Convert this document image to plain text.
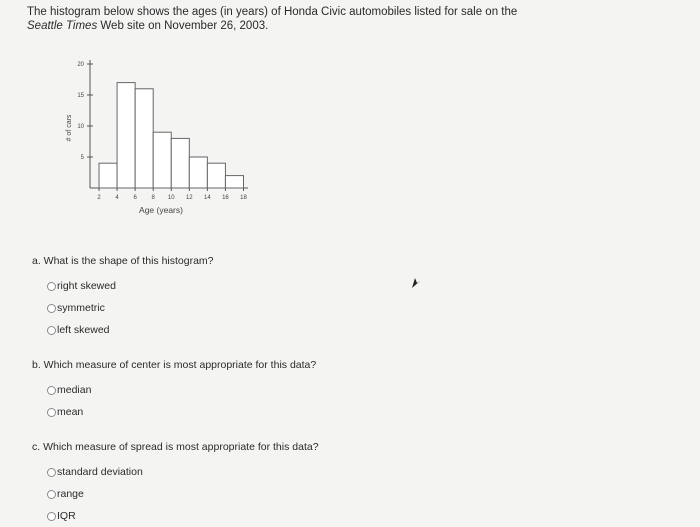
The histogram below shows the ages (in years) of Honda Civic automobiles listed for sale on the Seattle Times Web site on November 26, 2003.
5
10
15
20
2 4 6 8 10 12 14 16 18
Age (years)
# of cars
a. What is the shape of this histogram?
right skewed
symmetric
left skewed
b. Which measure of center is most appropriate for this data?
median
mean
c. Which measure of spread is most appropriate for this data?
standard deviation
range
IQR
